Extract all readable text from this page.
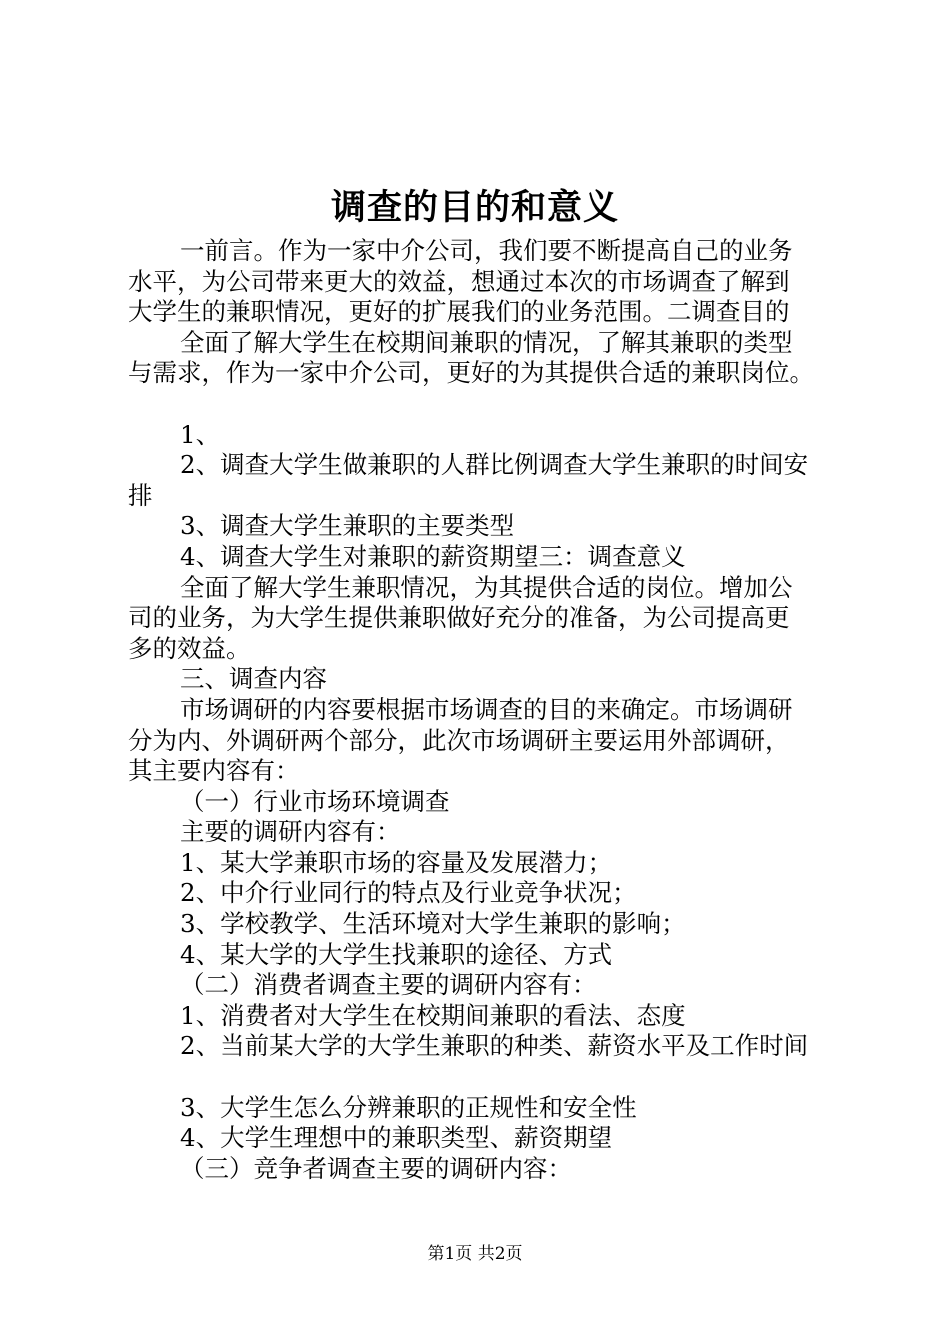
调查的目的和意义

一前言。作为一家中介公司，我们要不断提高自己的业务

水平，为公司带来更大的效益，想通过本次的市场调查了解到

大学生的兼职情况，更好的扩展我们的业务范围。二调查目的

全面了解大学生在校期间兼职的情况，了解其兼职的类型

与需求，作为一家中介公司，更好的为其提供合适的兼职岗位。

1、

2、调查大学生做兼职的人群比例调查大学生兼职的时间安

排

3、调查大学生兼职的主要类型

4、调查大学生对兼职的薪资期望三：调查意义

全面了解大学生兼职情况，为其提供合适的岗位。增加公

司的业务，为大学生提供兼职做好充分的准备，为公司提高更

多的效益。

三、调查内容

市场调研的内容要根据市场调查的目的来确定。市场调研

分为内、外调研两个部分，此次市场调研主要运用外部调研，

其主要内容有：

（一）行业市场环境调查

主要的调研内容有：

1、某大学兼职市场的容量及发展潜力；

2、中介行业同行的特点及行业竞争状况；

3、学校教学、生活环境对大学生兼职的影响；

4、某大学的大学生找兼职的途径、方式

（二）消费者调查主要的调研内容有：

1、消费者对大学生在校期间兼职的看法、态度

2、当前某大学的大学生兼职的种类、薪资水平及工作时间

3、大学生怎么分辨兼职的正规性和安全性

4、大学生理想中的兼职类型、薪资期望

（三）竞争者调查主要的调研内容：

第1页 共2页
